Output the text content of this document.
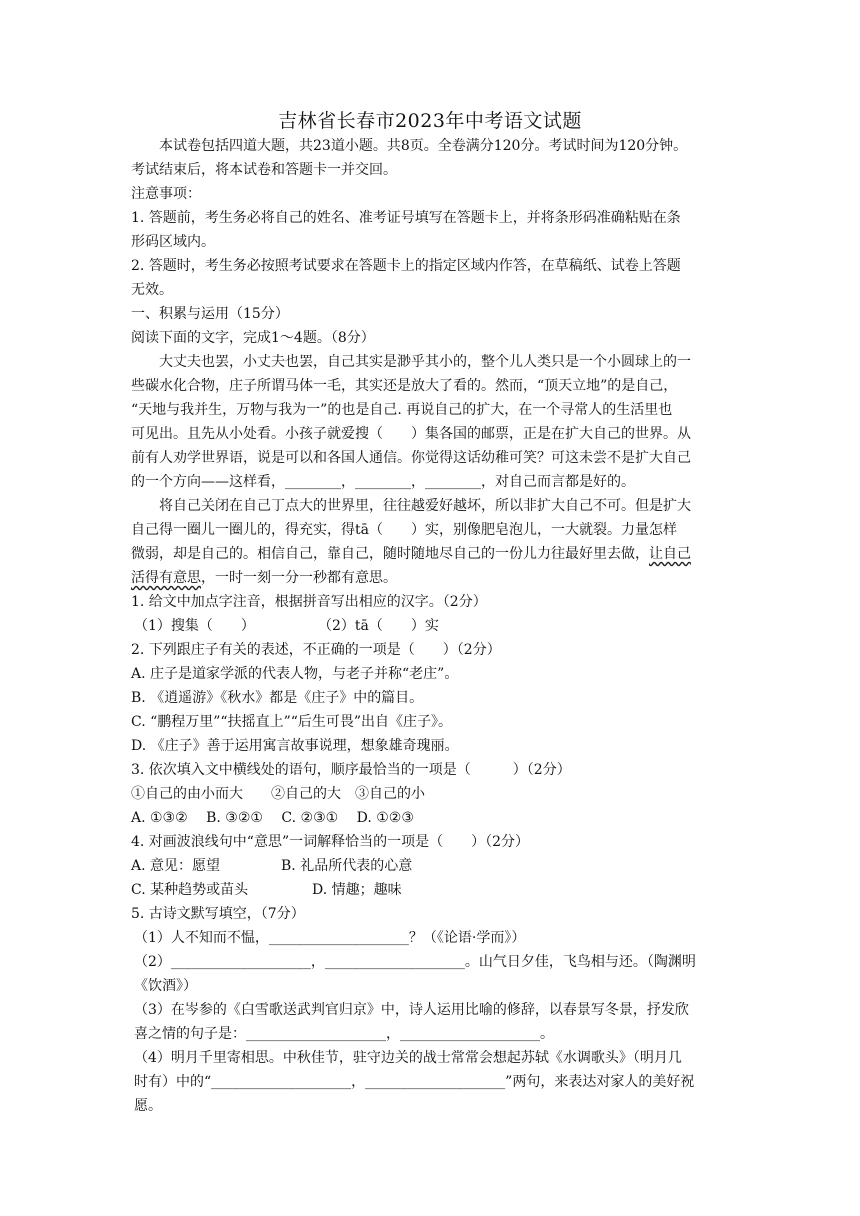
吉林省长春市2023年中考语文试题
本试卷包括四道大题，共23道小题。共8页。全卷满分120分。考试时间为120分钟。
考试结束后，将本试卷和答题卡一并交回。
注意事项：
1. 答题前，考生务必将自己的姓名、准考证号填写在答题卡上，并将条形码准确粘贴在条
形码区域内。
2. 答题时，考生务必按照考试要求在答题卡上的指定区域内作答，在草稿纸、试卷上答题
无效。
一、积累与运用（15分）
阅读下面的文字，完成1～4题。（8分）
大丈夫也罢，小丈夫也罢，自己其实是渺乎其小的，整个儿人类只是一个小圆球上的一
些碳水化合物，庄子所谓马体一毛，其实还是放大了看的。然而，“顶天立地”的是自己，
“天地与我并生，万物与我为一”的也是自己. 再说自己的扩大，在一个寻常人的生活里也
可见出。且先从小处看。小孩子就爱搜（　　）集各国的邮票，正是在扩大自己的世界。从
前有人劝学世界语，说是可以和各国人通信。你觉得这话幼稚可笑？可这未尝不是扩大自己
的一个方向——这样看，________，________，________，对自己而言都是好的。
将自己关闭在自己丁点大的世界里，往往越爱好越坏，所以非扩大自己不可。但是扩大
自己得一圈儿一圈儿的，得充实，得tā（　　）实，别像肥皂泡儿，一大就裂。力量怎样
微弱，却是自己的。相信自己，靠自己，随时随地尽自己的一份儿力往最好里去做，让自己
活得有意思，一时一刻一分一秒都有意思。
1. 给文中加点字注音，根据拼音写出相应的汉字。（2分）
（1）搜集（　　）	（2）tā（　　）实
2. 下列跟庄子有关的表述，不正确的一项是（　　）（2分）
A. 庄子是道家学派的代表人物，与老子并称“老庄”。
B. 《逍遥游》《秋水》都是《庄子》中的篇目。
C. “鹏程万里”“扶摇直上”“后生可畏”出自《庄子》。
D. 《庄子》善于运用寓言故事说理，想象雄奇瑰丽。
3. 依次填入文中横线处的语句，顺序最恰当的一项是（　　　）（2分）
①自己的由小而大　　②自己的大　③自己的小
A. ①③②　 B. ③②①　 C. ②③①　 D. ①②③
4. 对画波浪线句中“意思”一词解释恰当的一项是（　　）（2分）
A. 意见：愿望	B. 礼品所代表的心意
C. 某种趋势或苗头	D. 情趣；趣味
5. 古诗文默写填空，（7分）
（1）人不知而不愠，____________________？（《论语·学而》）
（2）____________________，____________________。山气日夕佳，飞鸟相与还。（陶渊明
《饮酒》）
（3）在岑参的《白雪歌送武判官归京》中，诗人运用比喻的修辞，以春景写冬景，抒发欣
喜之情的句子是：____________________，____________________。
（4）明月千里寄相思。中秋佳节，驻守边关的战士常常会想起苏轼《水调歌头》（明月几
时有）中的“____________________，____________________”两句，来表达对家人的美好祝
愿。
